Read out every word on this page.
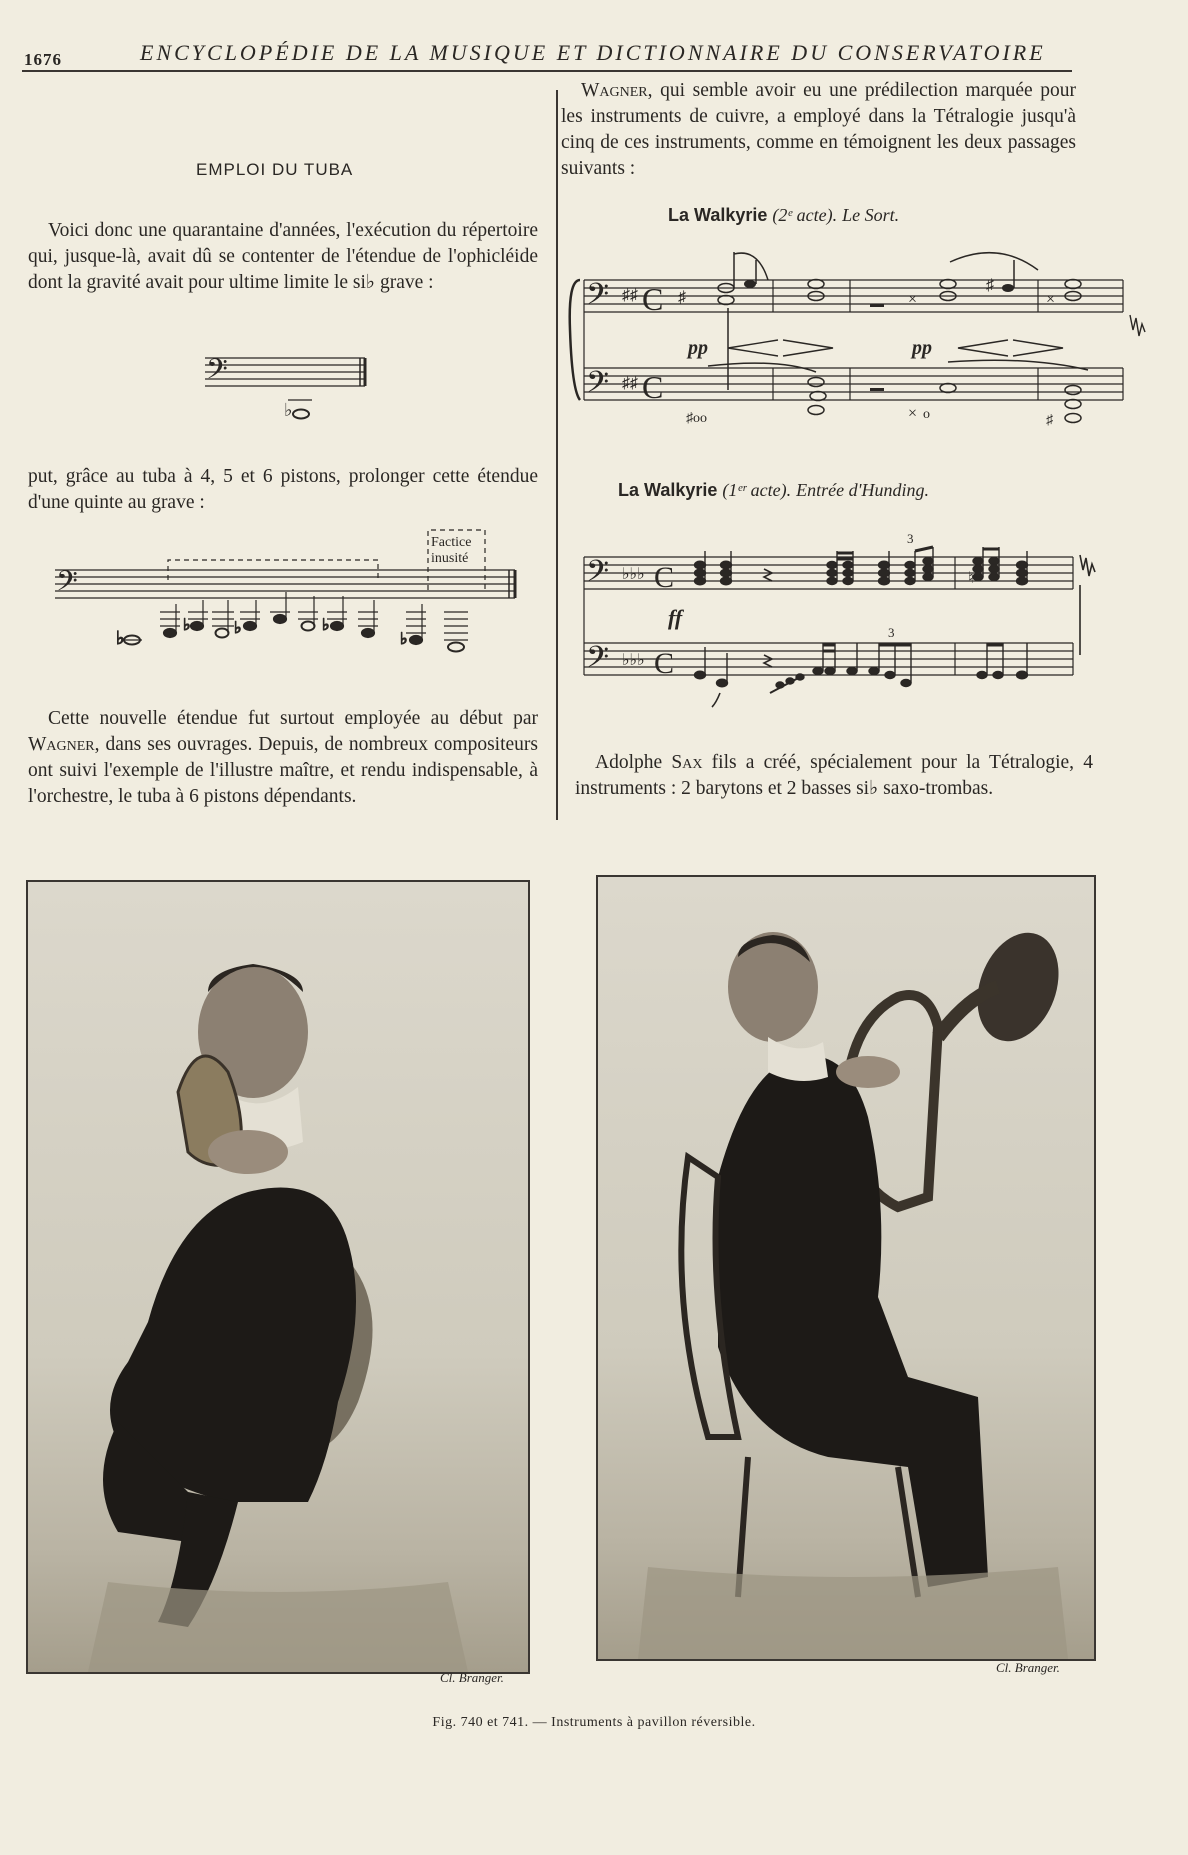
1676	ENCYCLOPÉDIE DE LA MUSIQUE ET DICTIONNAIRE DU CONSERVATOIRE
EMPLOI DU TUBA
Voici donc une quarantaine d'années, l'exécution du répertoire qui, jusque-là, avait dû se contenter de l'étendue de l'ophicléide dont la gravité avait pour ultime limite le si♭ grave :
𝄢
♭
put, grâce au tuba à 4, 5 et 6 pistons, prolonger cette étendue d'une quinte au grave :
Factice
inusité
𝄢
♭
♭	♭	♭
♭
Cette nouvelle étendue fut surtout employée au début par Wagner, dans ses ouvrages. Depuis, de nombreux compositeurs ont suivi l'exemple de l'illustre maître, et rendu indispensable, à l'orchestre, le tuba à 6 pistons dépendants.
Wagner, qui semble avoir eu une prédilection marquée pour les instruments de cuivre, a employé dans la Tétralogie jusqu'à cinq de ces instruments, comme en témoignent les deux passages suivants :
La Walkyrie (2ᵉ acte). Le Sort.
𝄢
𝄢
♯♯
♯♯
C
C
♯	×
♯
×
×	♯
♯oo	o
pp	pp
La Walkyrie (1ᵉʳ acte). Entrée d'Hunding.
𝄢
𝄢
♭♭♭
♭♭♭
C
C
♮
3
3
ff
Adolphe Sax fils a créé, spécialement pour la Tétralogie, 4 instruments : 2 barytons et 2 basses si♭ saxo-trombas.
Cl. Branger.
Cl. Branger.
Fig. 740 et 741. — Instruments à pavillon réversible.
